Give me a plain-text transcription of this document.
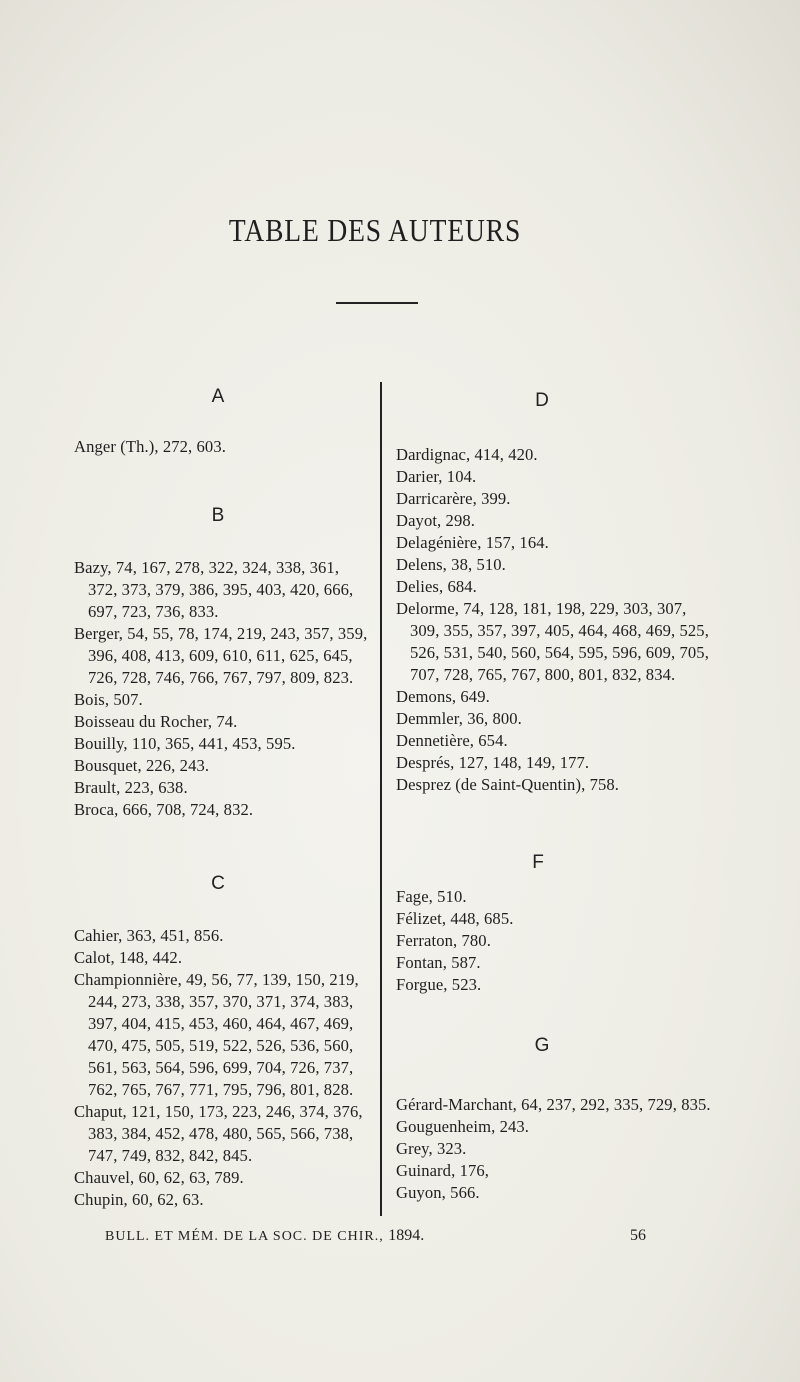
TABLE DES AUTEURS
A
Anger (Th.), 272, 603.
B
Bazy, 74, 167, 278, 322, 324, 338, 361, 372, 373, 379, 386, 395, 403, 420, 666, 697, 723, 736, 833.
Berger, 54, 55, 78, 174, 219, 243, 357, 359, 396, 408, 413, 609, 610, 611, 625, 645, 726, 728, 746, 766, 767, 797, 809, 823.
Bois, 507.
Boisseau du Rocher, 74.
Bouilly, 110, 365, 441, 453, 595.
Bousquet, 226, 243.
Brault, 223, 638.
Broca, 666, 708, 724, 832.
C
Cahier, 363, 451, 856.
Calot, 148, 442.
Championnière, 49, 56, 77, 139, 150, 219, 244, 273, 338, 357, 370, 371, 374, 383, 397, 404, 415, 453, 460, 464, 467, 469, 470, 475, 505, 519, 522, 526, 536, 560, 561, 563, 564, 596, 699, 704, 726, 737, 762, 765, 767, 771, 795, 796, 801, 828.
Chaput, 121, 150, 173, 223, 246, 374, 376, 383, 384, 452, 478, 480, 565, 566, 738, 747, 749, 832, 842, 845.
Chauvel, 60, 62, 63, 789.
Chupin, 60, 62, 63.
D
Dardignac, 414, 420.
Darier, 104.
Darricarère, 399.
Dayot, 298.
Delagénière, 157, 164.
Delens, 38, 510.
Delies, 684.
Delorme, 74, 128, 181, 198, 229, 303, 307, 309, 355, 357, 397, 405, 464, 468, 469, 525, 526, 531, 540, 560, 564, 595, 596, 609, 705, 707, 728, 765, 767, 800, 801, 832, 834.
Demons, 649.
Demmler, 36, 800.
Dennetière, 654.
Després, 127, 148, 149, 177.
Desprez (de Saint-Quentin), 758.
F
Fage, 510.
Félizet, 448, 685.
Ferraton, 780.
Fontan, 587.
Forgue, 523.
G
Gérard-Marchant, 64, 237, 292, 335, 729, 835.
Gouguenheim, 243.
Grey, 323.
Guinard, 176,
Guyon, 566.
BULL. ET MÉM. DE LA SOC. DE CHIR., 1894.	56
